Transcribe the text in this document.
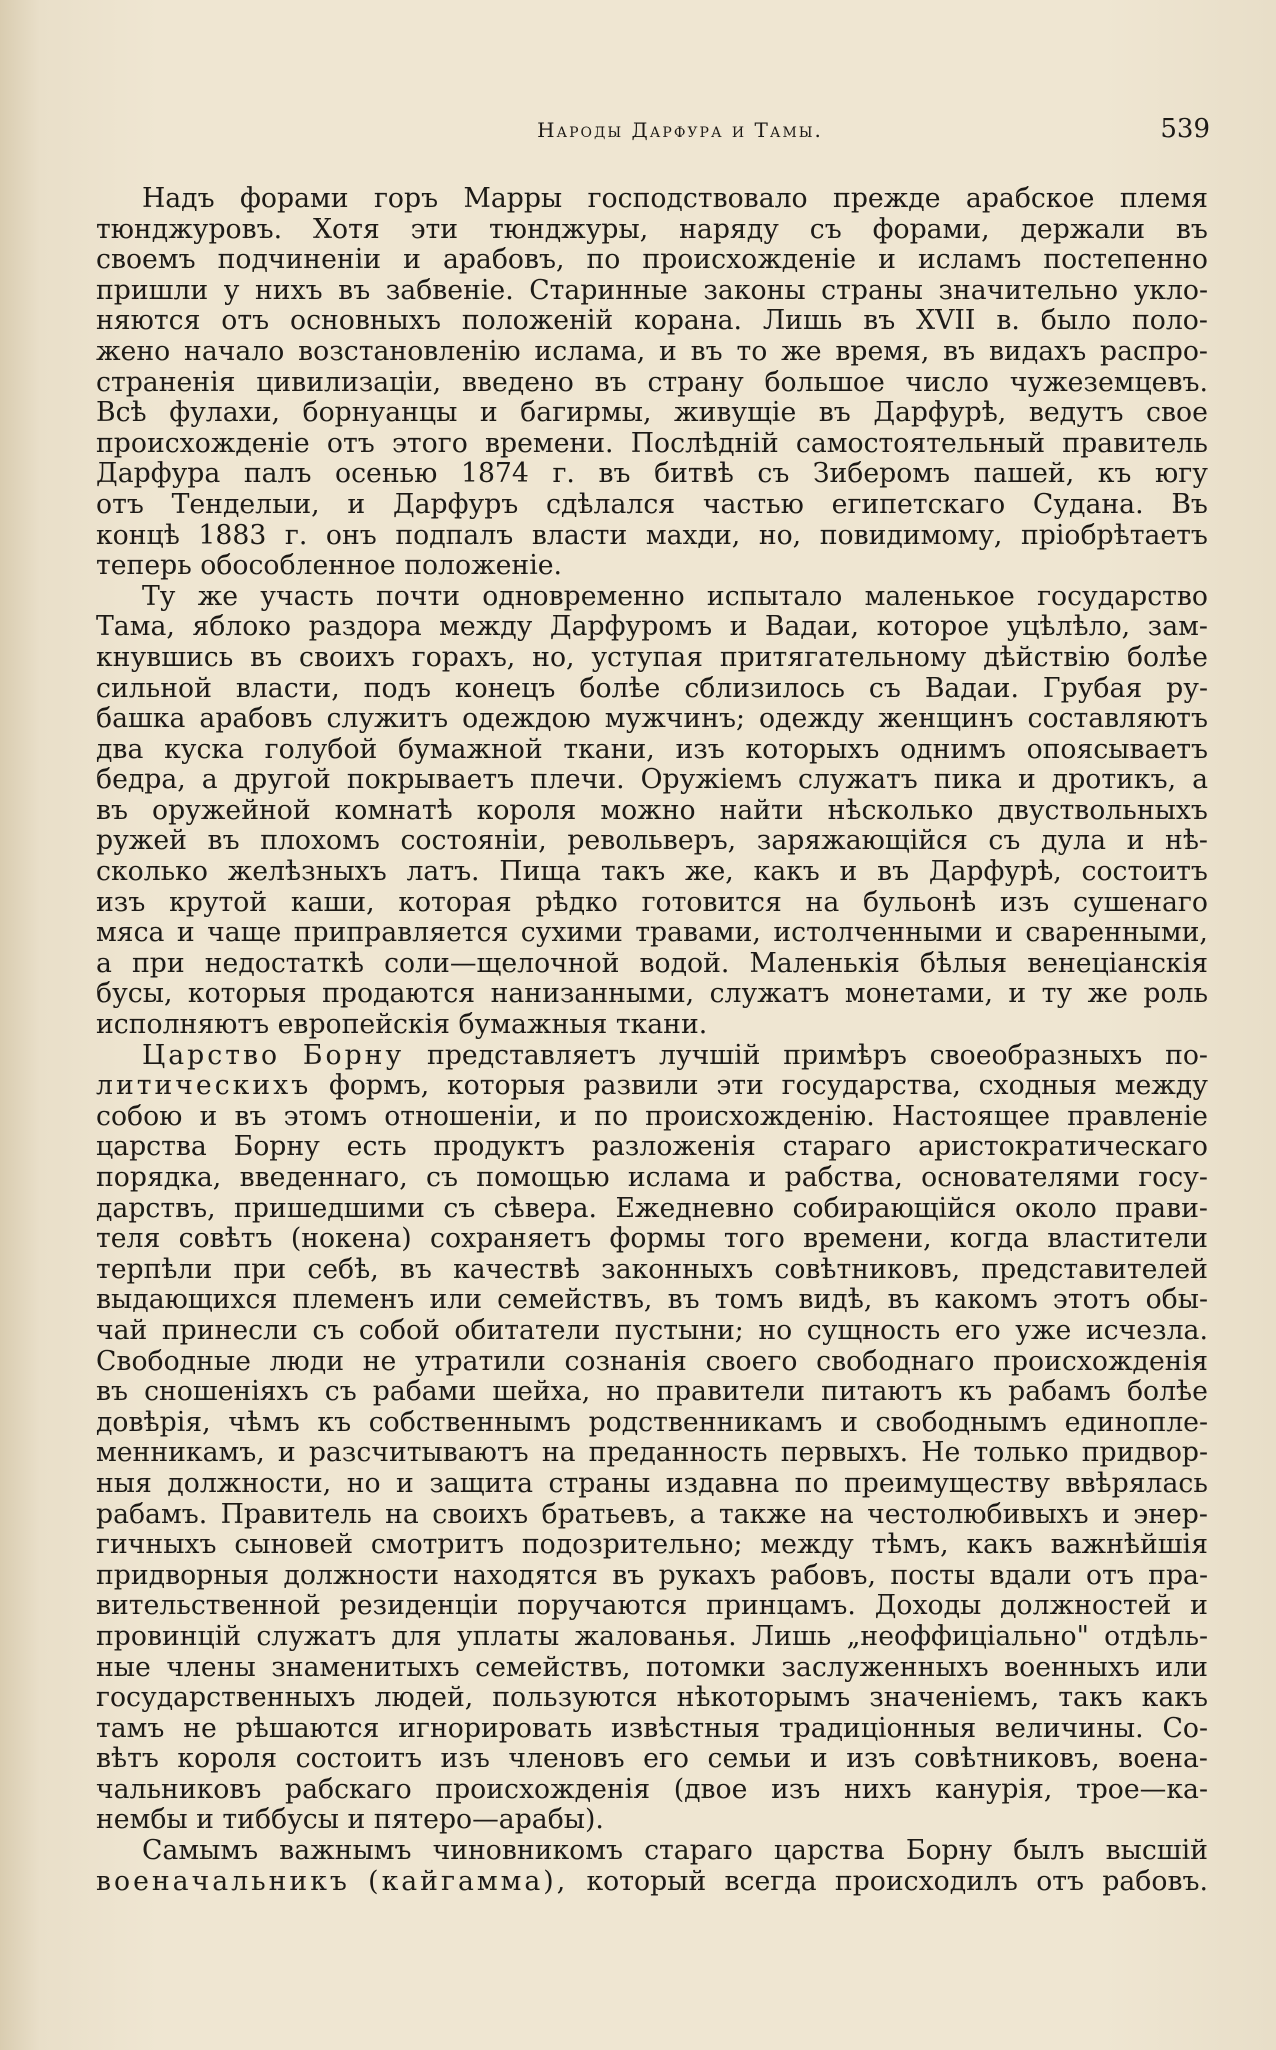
Народы Дарфура и Тамы.	539
Надъ форами горъ Марры господствовало прежде арабское племя
тюнджуровъ. Хотя эти тюнджуры, наряду съ форами, держали въ
своемъ подчиненіи и арабовъ, по происхожденіе и исламъ постепенно
пришли у нихъ въ забвеніе. Старинные законы страны значительно укло-
няются отъ основныхъ положеній корана. Лишь въ XVII в. было поло-
жено начало возстановленію ислама, и въ то же время, въ видахъ распро-
страненія цивилизаціи, введено въ страну большое число чужеземцевъ.
Всѣ фулахи, борнуанцы и багирмы, живущіе въ Дарфурѣ, ведутъ свое
происхожденіе отъ этого времени. Послѣдній самостоятельный правитель
Дарфура палъ осенью 1874 г. въ битвѣ съ Зиберомъ пашей, къ югу
отъ Тенделыи, и Дарфуръ сдѣлался частью египетскаго Судана. Въ
концѣ 1883 г. онъ подпалъ власти махди, но, повидимому, пріобрѣтаетъ
теперь обособленное положеніе.
Ту же участь почти одновременно испытало маленькое государство
Тама, яблоко раздора между Дарфуромъ и Вадаи, которое уцѣлѣло, зам-
кнувшись въ своихъ горахъ, но, уступая притягательному дѣйствію болѣе
сильной власти, подъ конецъ болѣе сблизилось съ Вадаи. Грубая ру-
башка арабовъ служитъ одеждою мужчинъ; одежду женщинъ составляютъ
два куска голубой бумажной ткани, изъ которыхъ однимъ опоясываетъ
бедра, а другой покрываетъ плечи. Оружіемъ служатъ пика и дротикъ, а
въ оружейной комнатѣ короля можно найти нѣсколько двуствольныхъ
ружей въ плохомъ состояніи, револьверъ, заряжающійся съ дула и нѣ-
сколько желѣзныхъ латъ. Пища такъ же, какъ и въ Дарфурѣ, состоитъ
изъ крутой каши, которая рѣдко готовится на бульонѣ изъ сушенаго
мяса и чаще приправляется сухими травами, истолченными и сваренными,
а при недостаткѣ соли—щелочной водой. Маленькія бѣлыя венеціанскія
бусы, которыя продаются нанизанными, служатъ монетами, и ту же роль
исполняютъ европейскія бумажныя ткани.
Царство Борну представляетъ лучшій примѣръ своеобразныхъ по-
литическихъ формъ, которыя развили эти государства, сходныя между
собою и въ этомъ отношеніи, и по происхожденію. Настоящее правленіе
царства Борну есть продуктъ разложенія стараго аристократическаго
порядка, введеннаго, съ помощью ислама и рабства, основателями госу-
дарствъ, пришедшими съ сѣвера. Ежедневно собирающійся около прави-
теля совѣтъ (нокена) сохраняетъ формы того времени, когда властители
терпѣли при себѣ, въ качествѣ законныхъ совѣтниковъ, представителей
выдающихся племенъ или семействъ, въ томъ видѣ, въ какомъ этотъ обы-
чай принесли съ собой обитатели пустыни; но сущность его уже исчезла.
Свободные люди не утратили сознанія своего свободнаго происхожденія
въ сношеніяхъ съ рабами шейха, но правители питаютъ къ рабамъ болѣе
довѣрія, чѣмъ къ собственнымъ родственникамъ и свободнымъ единопле-
менникамъ, и разсчитываютъ на преданность первыхъ. Не только придвор-
ныя должности, но и защита страны издавна по преимуществу ввѣрялась
рабамъ. Правитель на своихъ братьевъ, а также на честолюбивыхъ и энер-
гичныхъ сыновей смотритъ подозрительно; между тѣмъ, какъ важнѣйшія
придворныя должности находятся въ рукахъ рабовъ, посты вдали отъ пра-
вительственной резиденціи поручаются принцамъ. Доходы должностей и
провинцій служатъ для уплаты жалованья. Лишь „неоффиціально" отдѣль-
ные члены знаменитыхъ семействъ, потомки заслуженныхъ военныхъ или
государственныхъ людей, пользуются нѣкоторымъ значеніемъ, такъ какъ
тамъ не рѣшаются игнорировать извѣстныя традиціонныя величины. Со-
вѣтъ короля состоитъ изъ членовъ его семьи и изъ совѣтниковъ, воена-
чальниковъ рабскаго происхожденія (двое изъ нихъ канурія, трое—ка-
нембы и тиббусы и пятеро—арабы).
Самымъ важнымъ чиновникомъ стараго царства Борну былъ высшій
военачальникъ (кайгамма), который всегда происходилъ отъ рабовъ.
